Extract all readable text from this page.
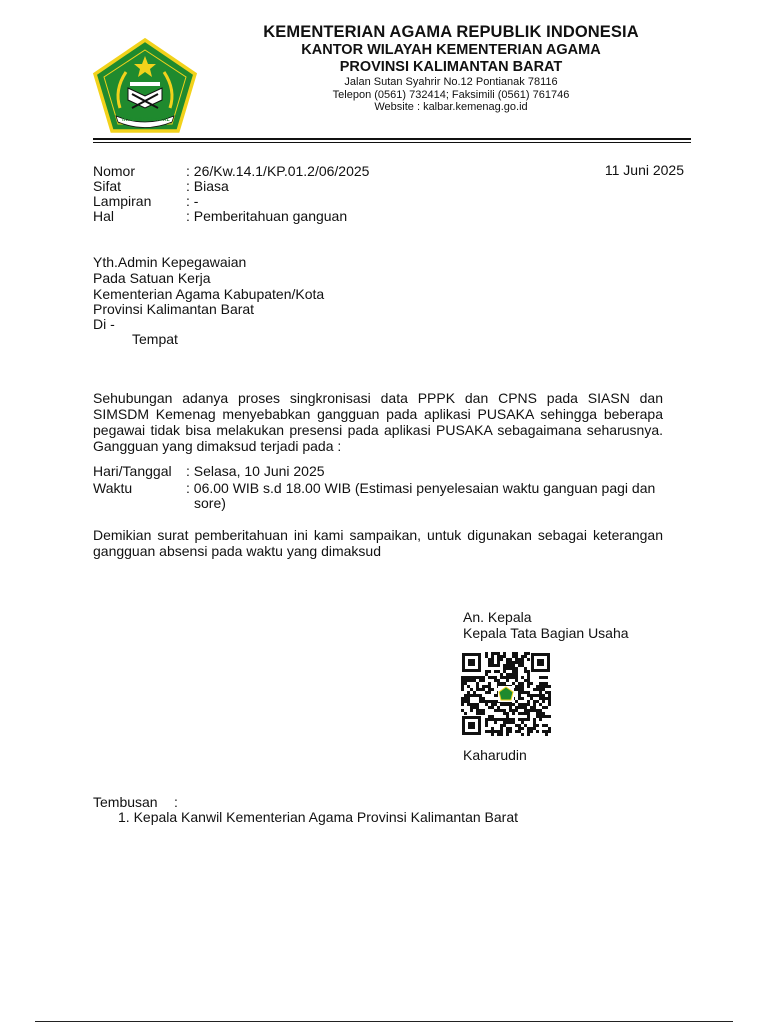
IKHLAS BERAMAL
KEMENTERIAN AGAMA REPUBLIK INDONESIA
KANTOR WILAYAH KEMENTERIAN AGAMA
PROVINSI KALIMANTAN BARAT
Jalan Sutan Syahrir No.12 Pontianak 78116
Telepon (0561) 732414; Faksimili (0561) 761746
Website : kalbar.kemenag.go.id
11 Juni 2025
Nomor	: 26/Kw.14.1/KP.01.2/06/2025
Sifat	: Biasa
Lampiran : -
Hal	: Pemberitahuan ganguan
Yth.Admin Kepegawaian
Pada Satuan Kerja
Kementerian Agama Kabupaten/Kota
Provinsi Kalimantan Barat
Di -
Tempat
Sehubungan adanya proses singkronisasi data PPPK dan CPNS pada SIASN dan SIMSDM Kemenag menyebabkan gangguan pada aplikasi PUSAKA sehingga beberapa pegawai tidak bisa melakukan presensi pada aplikasi PUSAKA sebagaimana seharusnya. Gangguan yang dimaksud terjadi pada :
Hari/Tanggal : Selasa, 10 Juni 2025
Waktu	: 06.00 WIB s.d 18.00 WIB (Estimasi penyelesaian waktu ganguan pagi dan
sore)
Demikian surat pemberitahuan ini kami sampaikan, untuk digunakan sebagai keterangan gangguan absensi pada waktu yang dimaksud
An. Kepala
Kepala Tata Bagian Usaha
Kaharudin
Tembusan :
1. Kepala Kanwil Kementerian Agama Provinsi Kalimantan Barat
